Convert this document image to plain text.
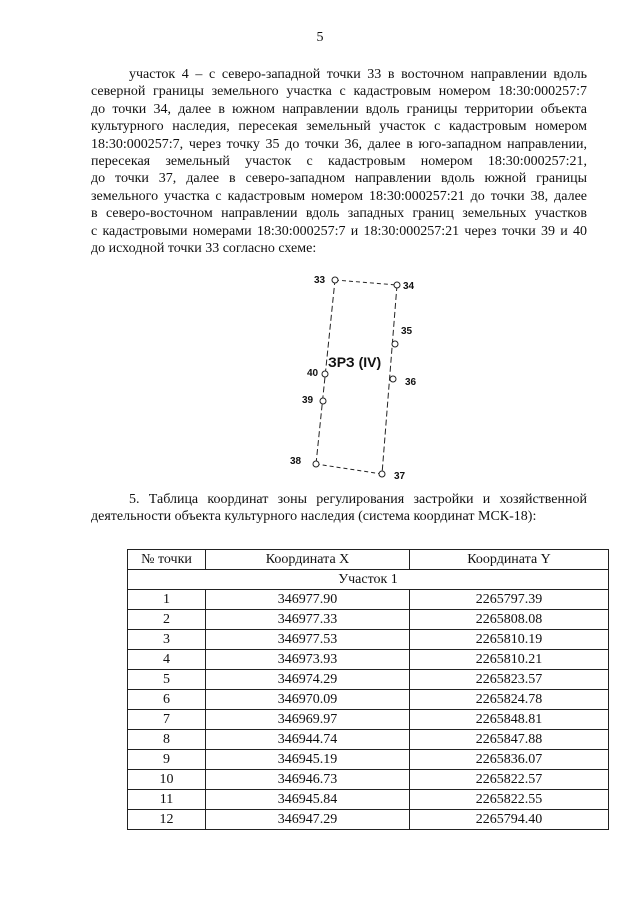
5
участок 4 – с северо-западной точки 33 в восточном направлении вдоль
северной границы земельного участка с кадастровым номером 18:30:000257:7
до точки 34, далее в южном направлении вдоль границы территории объекта
культурного наследия, пересекая земельный участок с кадастровым номером
18:30:000257:7, через точку 35 до точки 36, далее в юго-западном направлении,
пересекая земельный участок с кадастровым номером 18:30:000257:21,
до точки 37, далее в северо-западном направлении вдоль южной границы
земельного участка с кадастровым номером 18:30:000257:21 до точки 38, далее
в северо-восточном направлении вдоль западных границ земельных участков
с кадастровыми номерами 18:30:000257:7 и 18:30:000257:21 через точки 39 и 40
до исходной точки 33 согласно схеме:
33
34
35
36
37
38
39
40
ЗРЗ (IV)
5. Таблица координат зоны регулирования застройки и хозяйственной
деятельности объекта культурного наследия (система координат МСК-18):
№ точки	Координата X	Координата Y
Участок 1		
1	346977.90	2265797.39
2	346977.33	2265808.08
3	346977.53	2265810.19
4	346973.93	2265810.21
5	346974.29	2265823.57
6	346970.09	2265824.78
7	346969.97	2265848.81
8	346944.74	2265847.88
9	346945.19	2265836.07
10	346946.73	2265822.57
11	346945.84	2265822.55
12	346947.29	2265794.40
